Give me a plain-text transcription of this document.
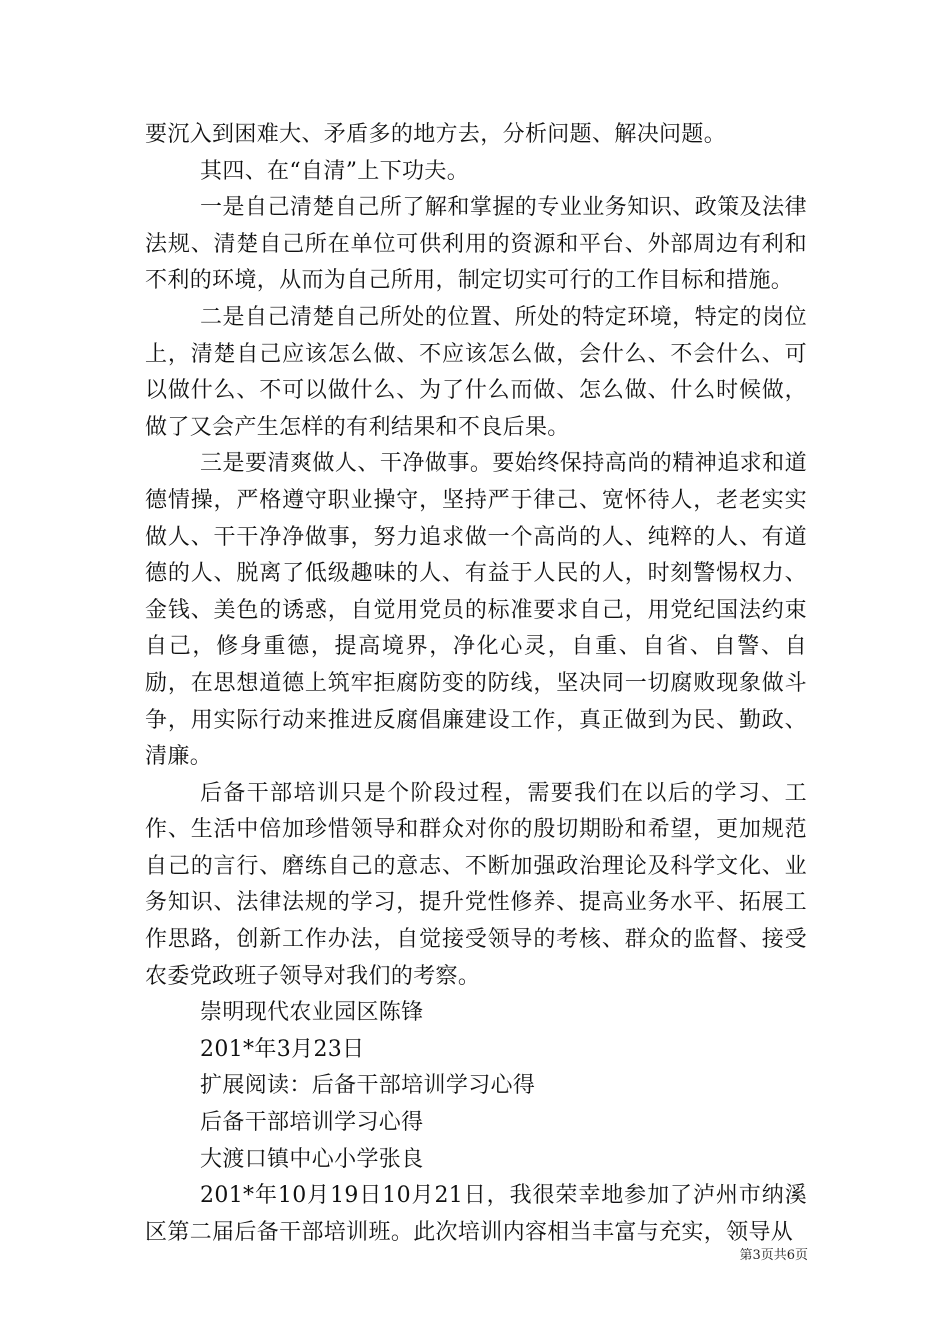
要沉入到困难大、矛盾多的地方去，分析问题、解决问题。

其四、在“自清”上下功夫。

一是自己清楚自己所了解和掌握的专业业务知识、政策及法律法规、清楚自己所在单位可供利用的资源和平台、外部周边有利和不利的环境，从而为自己所用，制定切实可行的工作目标和措施。

二是自己清楚自己所处的位置、所处的特定环境，特定的岗位上，清楚自己应该怎么做、不应该怎么做，会什么、不会什么、可以做什么、不可以做什么、为了什么而做、怎么做、什么时候做，做了又会产生怎样的有利结果和不良后果。

三是要清爽做人、干净做事。要始终保持高尚的精神追求和道德情操，严格遵守职业操守，坚持严于律己、宽怀待人，老老实实做人、干干净净做事，努力追求做一个高尚的人、纯粹的人、有道德的人、脱离了低级趣味的人、有益于人民的人，时刻警惕权力、金钱、美色的诱惑，自觉用党员的标准要求自己，用党纪国法约束自己，修身重德，提高境界，净化心灵，自重、自省、自警、自励，在思想道德上筑牢拒腐防变的防线，坚决同一切腐败现象做斗争，用实际行动来推进反腐倡廉建设工作，真正做到为民、勤政、清廉。

后备干部培训只是个阶段过程，需要我们在以后的学习、工作、生活中倍加珍惜领导和群众对你的殷切期盼和希望，更加规范自己的言行、磨练自己的意志、不断加强政治理论及科学文化、业务知识、法律法规的学习，提升党性修养、提高业务水平、拓展工作思路，创新工作办法，自觉接受领导的考核、群众的监督、接受农委党政班子领导对我们的考察。

崇明现代农业园区陈锋

201*年3月23日

扩展阅读：后备干部培训学习心得

后备干部培训学习心得

大渡口镇中心小学张良

201*年10月19日10月21日，我很荣幸地参加了泸州市纳溪区第二届后备干部培训班。此次培训内容相当丰富与充实，领导从

第3页共6页
